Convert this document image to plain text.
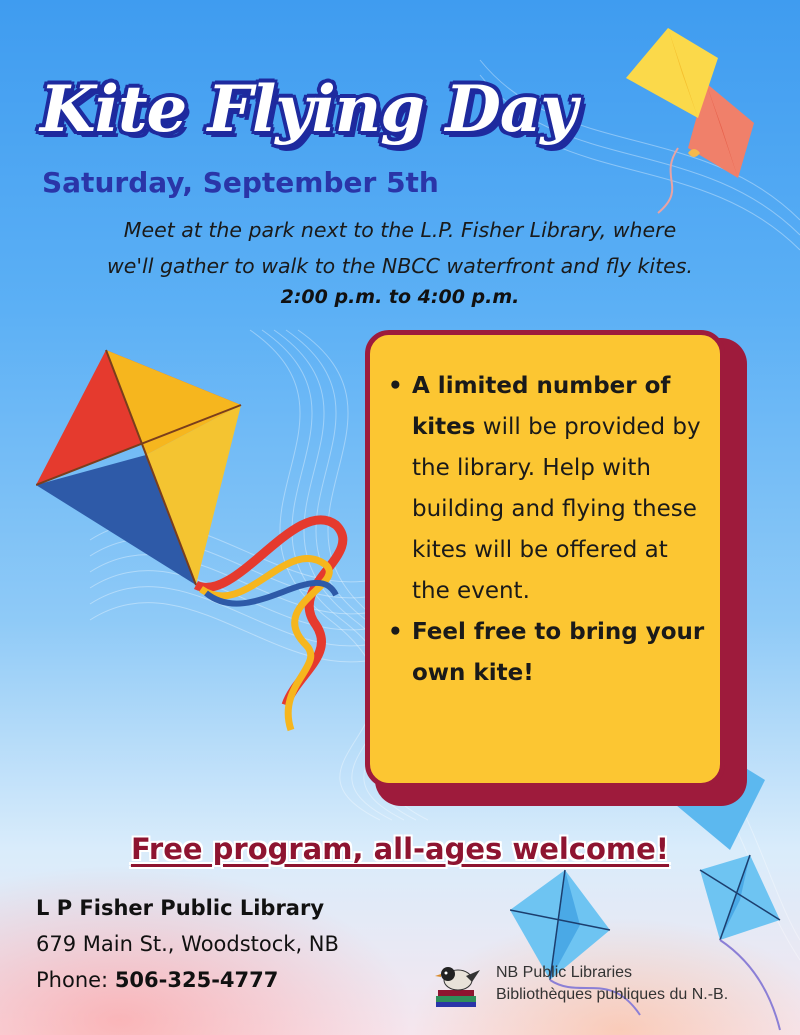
Kite Flying Day
Saturday, September 5th
Meet at the park next to the L.P. Fisher Library, where
we'll gather to walk to the NBCC waterfront and fly kites.
2:00 p.m. to 4:00 p.m.
• A limited number of kites will be provided by the library. Help with building and flying these kites will be offered at the event.
• Feel free to bring your own kite!
Free program, all-ages welcome!
L P Fisher Public Library
679 Main St., Woodstock, NB
Phone: 506-325-4777	NB Public Libraries
Bibliothèques publiques du N.-B.
